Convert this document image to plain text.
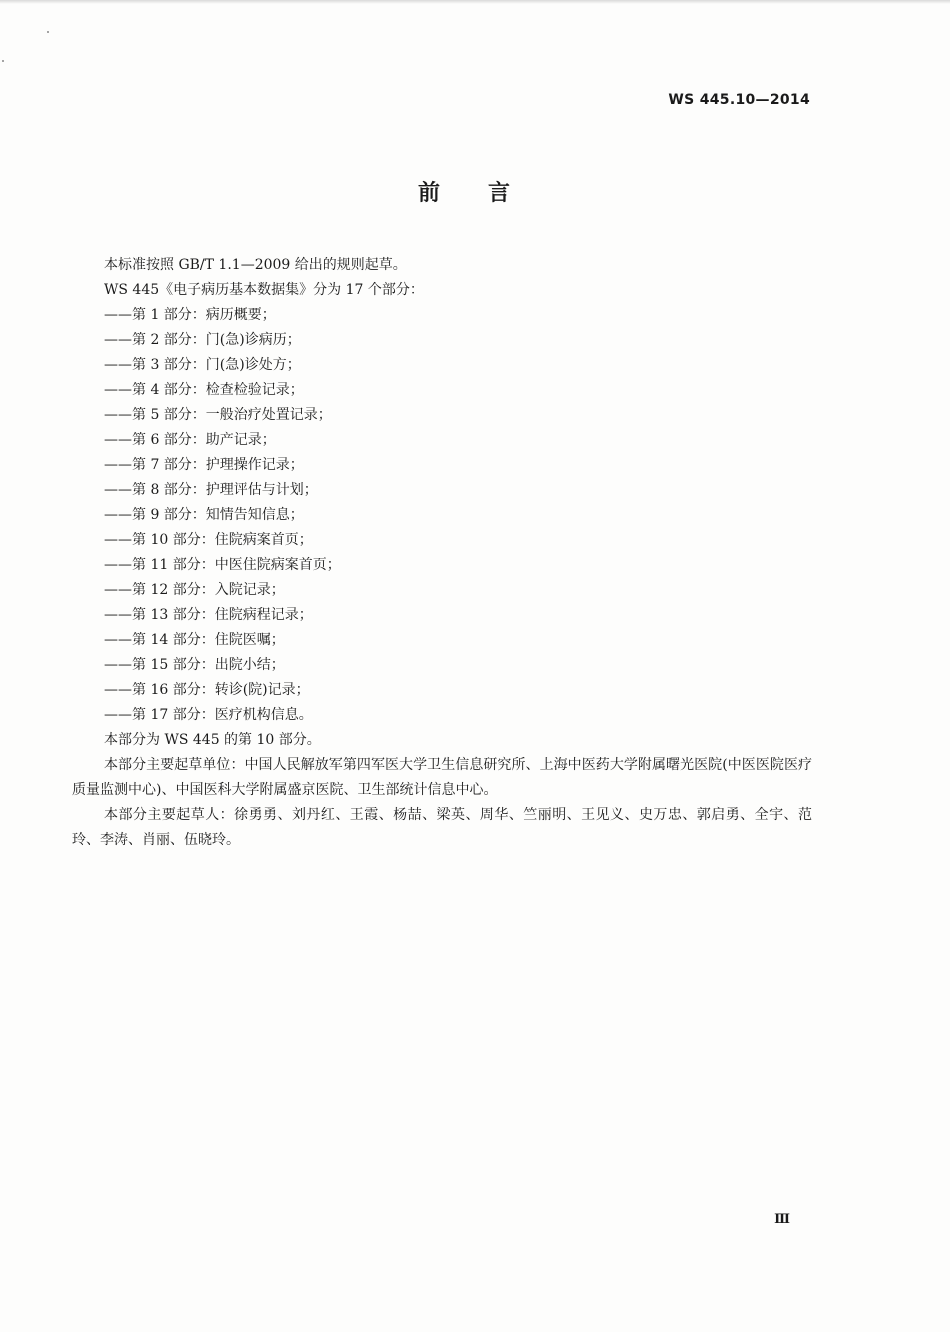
WS 445.10—2014
前言

本标准按照 GB/T 1.1—2009 给出的规则起草。

WS 445《电子病历基本数据集》分为 17 个部分：

——第 1 部分：病历概要；
——第 2 部分：门(急)诊病历；
——第 3 部分：门(急)诊处方；
——第 4 部分：检查检验记录；
——第 5 部分：一般治疗处置记录；
——第 6 部分：助产记录；
——第 7 部分：护理操作记录；
——第 8 部分：护理评估与计划；
——第 9 部分：知情告知信息；
——第 10 部分：住院病案首页；
——第 11 部分：中医住院病案首页；
——第 12 部分：入院记录；
——第 13 部分：住院病程记录；
——第 14 部分：住院医嘱；
——第 15 部分：出院小结；
——第 16 部分：转诊(院)记录；
——第 17 部分：医疗机构信息。

本部分为 WS 445 的第 10 部分。

本部分主要起草单位：中国人民解放军第四军医大学卫生信息研究所、上海中医药大学附属曙光医院(中医医院医疗质量监测中心)、中国医科大学附属盛京医院、卫生部统计信息中心。

本部分主要起草人：徐勇勇、刘丹红、王霞、杨喆、梁英、周华、竺丽明、王见义、史万忠、郭启勇、全宇、范玲、李涛、肖丽、伍晓玲。

Ⅲ
